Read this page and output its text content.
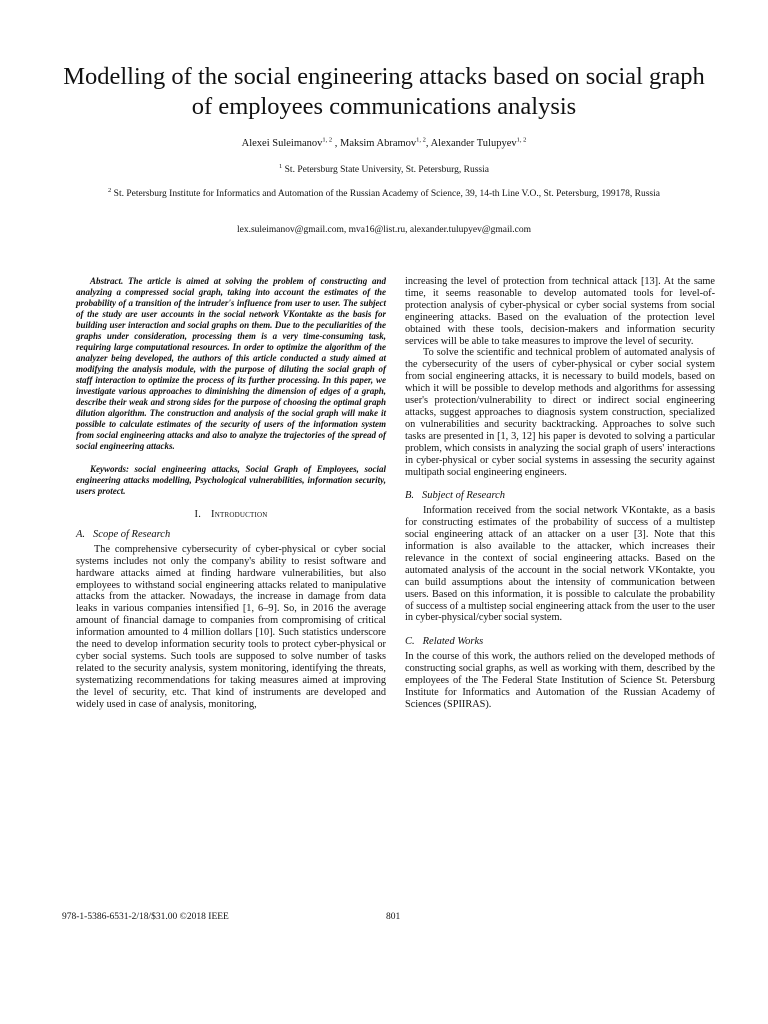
Modelling of the social engineering attacks based on social graph of employees communications analysis
Alexei Suleimanov$^{1, 2}$ , Maksim Abramov$^{1, 2}$, Alexander Tulupyev$^{1, 2}$
$^1$ St. Petersburg State University, St. Petersburg, Russia
$^2$ St. Petersburg Institute for Informatics and Automation of the Russian Academy of Science, 39, 14-th Line V.O., St. Petersburg, 199178, Russia
lex.suleimanov@gmail.com, mva16@list.ru, alexander.tulupyev@gmail.com

Abstract. The article is aimed at solving the problem of constructing and analyzing a compressed social graph, taking into account the estimates of the probability of a transition of the intruder's influence from user to user. The subject of the study are user accounts in the social network VKontakte as the basis for building user interaction and social graphs on them. Due to the peculiarities of the graphs under consideration, processing them is a very time-consuming task, requiring large computational resources. In order to optimize the algorithm of the analyzer being developed, the authors of this article conducted a study aimed at modifying the analysis module, with the purpose of diluting the social graph of staff interaction to optimize the process of its further processing. In this paper, we investigate various approaches to diminishing the dimension of edges of a graph, describe their weak and strong sides for the purpose of choosing the optimal graph dilution algorithm. The construction and analysis of the social graph will make it possible to calculate estimates of the security of users of the information system from social engineering attacks and also to analyze the trajectories of the spread of social engineering attacks.

Keywords: social engineering attacks, Social Graph of Employees, social engineering attacks modelling, Psychological vulnerabilities, information security, users protect.

I. Introduction
A. Scope of Research

The comprehensive cybersecurity of cyber-physical or cyber social systems includes not only the company's ability to resist software and hardware attacks aimed at finding hardware vulnerabilities, but also employees to withstand social engineering attacks related to manipulative attacks from the attacker. Nowadays, the increase in damage from data leaks in various companies intensified [1, 6–9]. So, in 2016 the average amount of financial damage to companies from compromising of critical information amounted to 4 million dollars [10]. Such statistics underscore the need to develop information security tools to protect cyber-physical or cyber social systems. Such tools are supposed to solve number of tasks related to the security analysis, system monitoring, identifying the threats, systematizing recommendations for taking measures aimed at improving the level of security, etc. That kind of instruments are developed and widely used in case of analysis, monitoring,

increasing the level of protection from technical attack [13]. At the same time, it seems reasonable to develop automated tools for level-of-protection analysis of cyber-physical or cyber social systems from social engineering attacks. Based on the evaluation of the protection level obtained with these tools, decision-makers and information security services will be able to take measures to improve the level of security.

To solve the scientific and technical problem of automated analysis of the cybersecurity of the users of cyber-physical or cyber social system from social engineering attacks, it is necessary to build models, based on which it will be possible to develop methods and algorithms for assessing user's protection/vulnerability to direct or indirect social engineering attacks, suggest approaches to diagnosis system construction, specialized on vulnerabilities and security backtracking. Approaches to solve such tasks are presented in [1, 3, 12] his paper is devoted to solving a particular problem, which consists in analyzing the social graph of users' interactions in cyber-physical or cyber social systems in assessing the security against multipath social engineering engineers.

B. Subject of Research

Information received from the social network VKontakte, as a basis for constructing estimates of the probability of success of a multistep social engineering attack of an attacker on a user [3]. Note that this information is also available to the attacker, which increases their relevance in the context of social engineering attacks. Based on the automated analysis of the account in the social network VKontakte, you can build assumptions about the intensity of communication between users. Based on this information, it is possible to calculate the probability of success of a multistep social engineering attack from the user to the user in cyber-physical/cyber social system.

C. Related Works

In the course of this work, the authors relied on the developed methods of constructing social graphs, as well as working with them, described by the employees of the The Federal State Institution of Science St. Petersburg Institute for Informatics and Automation of the Russian Academy of Sciences (SPIIRAS).

978-1-5386-6531-2/18/$31.00 ©2018 IEEE	801
